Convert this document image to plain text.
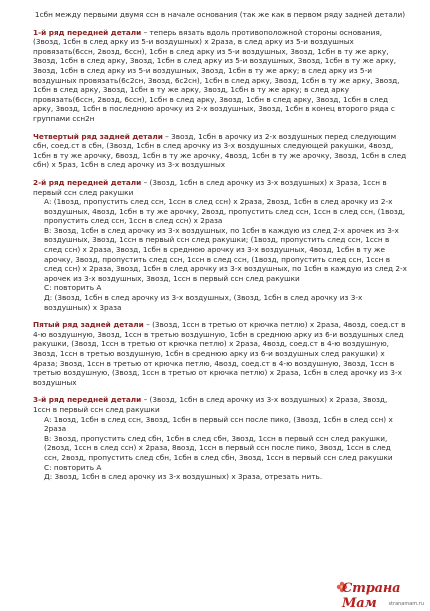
1сбн между первыми двумя ссн в начале основания (так же как в первом ряду задней детали)

1-й ряд передней детали – теперь вязать вдоль противоположной стороны основания, (3возд, 1сбн в след арку из 5-и воздушных) х 2раза, в след арку из 5-и воздушных провязать(6ссн, 2возд, 6ссн), 1сбн в след арку из 5-и воздушных, 3возд, 1сбн в ту же арку, 3возд, 1сбн в след арку, 3возд, 1сбн в след арку из 5-и воздушных, 3возд, 1сбн в ту же арку, 3возд, 1сбн в след арку из 5-и воздушных, 3возд, 1сбн в ту же арку; в след арку из 5-и воздушных провязать(6с2сн, 3возд, 6с2сн), 1сбн в след арку, 3возд, 1сбн в ту же арку, 3возд, 1сбн в след арку, 3возд, 1сбн в ту же арку, 3возд, 1сбн в ту же арку; в след арку провязать(6ссн, 2возд, 6ссн), 1сбн в след арку, 3возд, 1сбн в след арку, 3возд, 1сбн в след арку, 3возд, 1сбн в последнюю арочку из 2-х воздушных, 3возд, 1сбн в конец второго ряда с группами ссн2н

Четвертый ряд задней детали – 3возд, 1сбн в арочку из 2-х воздушных перед следующим сбн, соед.ст в сбн, (3возд, 1сбн в след арочку из 3-х воздушных следующей ракушки, 4возд, 1сбн в ту же арочку, 6возд, 1сбн в ту же арочку, 4возд, 1сбн в ту же арочку, 3возд, 1сбн в след сбн) х 5раз, 1сбн в след арочку из 3-х воздушных

2-й ряд передней детали – (3возд, 1сбн в след арочку из 3-х воздушных) х 3раза, 1ссн в первый ссн след ракушки

А: (1возд, пропустить след ссн, 1ссн в след ссн) х 2раза, 2возд, 1сбн в след арочку из 2-х воздушных, 4возд, 1сбн в ту же арочку, 2возд, пропустить след ссн, 1ссн в след ссн, (1возд, пропустить след ссн, 1ссн в след ссн) х 2раза

В: 3возд, 1сбн в след арочку из 3-х воздушных, по 1сбн в каждую из след 2-х арочек из 3-х воздушных, 3возд, 1ссн в первый ссн след ракушки; (1возд, пропустить след ссн, 1ссн в след ссн) х 2раза, 3возд, 1сбн в среднюю арочку из 3-х воздушных, 4возд, 1сбн в ту же арочку, 3возд, пропустить след ссн, 1ссн в след ссн, (1возд, пропустить след ссн, 1ссн в след ссн) х 2раза, 3возд, 1сбн в след арочку из 3-х воздушных, по 1сбн в каждую из след 2-х арочек из 3-х воздушных, 3возд, 1ссн в первый ссн след ракушки

С: повторить А

Д: (3возд, 1сбн в след арочку из 3-х воздушных, (3возд, 1сбн в след арочку из 3-х воздушных) х 3раза

Пятый ряд задней детали – (3возд, 1ссн в третью от крючка петлю) х 2раза, 4возд, соед.ст в 4-ю воздушную, 3возд, 1ссн в третью воздушную, 1сбн в среднюю арку из 6-и воздушных след ракушки, (3возд, 1ссн в третью от крючка петлю) х 2раза, 4возд, соед.ст в 4-ю воздушную, 3возд, 1ссн в третью воздушную, 1сбн в среднюю арку из 6-и воздушных след ракушки) х 4раза; 3возд, 1ссн в третью от крючка петлю, 4возд, соед.ст в 4-ю воздушную, 3возд, 1ссн в третью воздушную, (3возд, 1ссн в третью от крючка петлю) х 2раза, 1сбн в след арочку из 3-х воздушных

3-й ряд передней детали – (3возд, 1сбн в след арочку из 3-х воздушных) х 2раза, 3возд, 1ссн в первый ссн след ракушки

А: 1возд, 1сбн в след ссн, 3возд, 1сбн в первый ссн после пико, (3возд, 1сбн в след ссн) х 2раза

В: 3возд, пропустить след сбн, 1сбн в след сбн, 3возд, 1ссн в первый ссн след ракушки, (2возд, 1ссн в след ссн) х 2раза, 8возд, 1ссн в первый ссн после пико, 3возд, 1ссн в след ссн, 2возд, пропустить след сбн, 1сбн в след сбн, 3возд, 1ссн в первый ссн след ракушки

С: повторить А

Д: 3возд, 1сбн в след арочку из 3-х воздушных) х 3раза, отрезать нить.

Страна Мам	stranamam.ru
